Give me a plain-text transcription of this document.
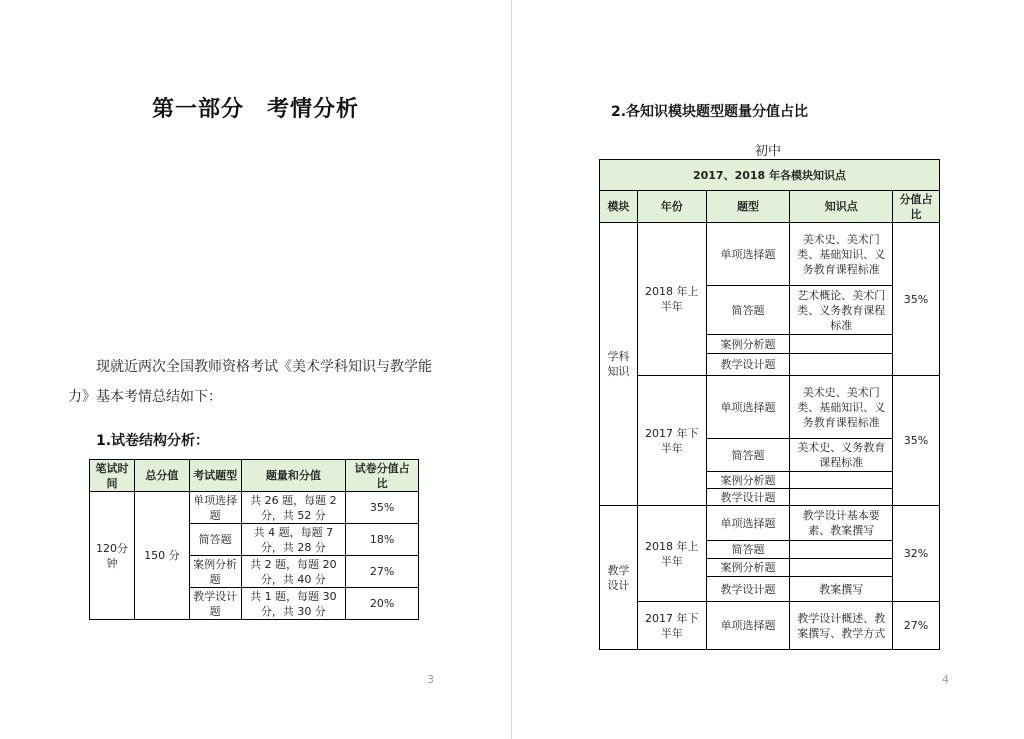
第一部分　考情分析
现就近两次全国教师资格考试《美术学科知识与教学能
力》基本考情总结如下：
1.试卷结构分析：
笔试时间	总分值	考试题型	题量和分值	试卷分值占比
120分钟	150 分	单项选择题	共 26 题，每题 2 分，共 52 分	35%
		简答题	共 4 题，每题 7 分，共 28 分	18%
		案例分析题	共 2 题，每题 20 分，共 40 分	27%
		教学设计题	共 1 题，每题 30 分，共 30 分	20%
3
2.各知识模块题型题量分值占比
初中
2017、2018 年各模块知识点				
模块	年份	题型	知识点	分值占比
学科知识	2018 年上半年	单项选择题	美术史、美术门类、基础知识、义务教育课程标准	35%
		简答题	艺术概论、美术门类、义务教育课程标准	
		案例分析题		
		教学设计题		
	2017 年下半年	单项选择题	美术史、美术门类、基础知识、义务教育课程标准	35%
		简答题	美术史、义务教育课程标准	
		案例分析题		
		教学设计题		
教学设计	2018 年上半年	单项选择题	教学设计基本要素、教案撰写	32%
		简答题		
		案例分析题		
		教学设计题	教案撰写	
	2017 年下半年	单项选择题	教学设计概述、教案撰写、教学方式	27%
4
